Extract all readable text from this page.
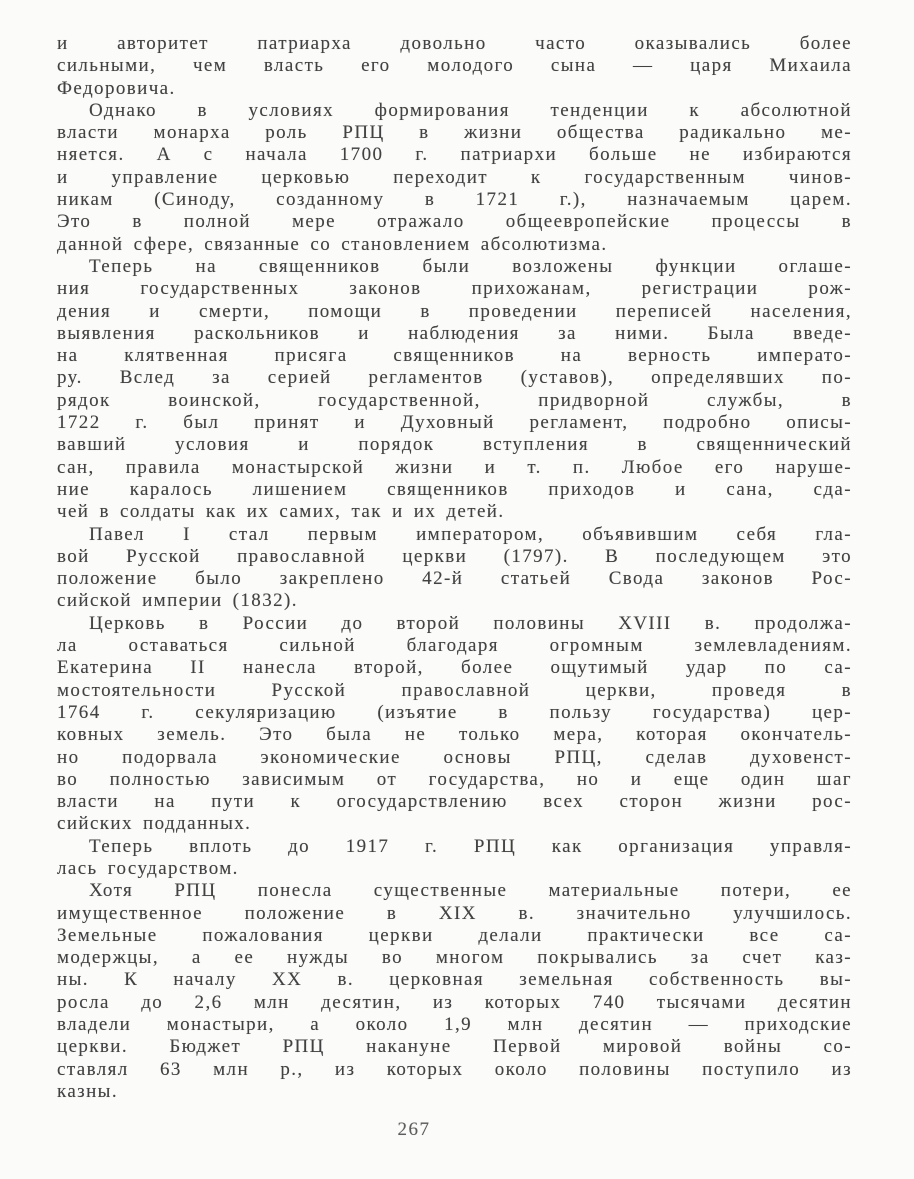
и авторитет патриарха довольно часто оказывались более
сильными, чем власть его молодого сына — царя Михаила
Федоровича.
Однако в условиях формирования тенденции к абсолютной
власти монарха роль РПЦ в жизни общества радикально ме-
няется. А с начала 1700 г. патриархи больше не избираются
и управление церковью переходит к государственным чинов-
никам (Синоду, созданному в 1721 г.), назначаемым царем.
Это в полной мере отражало общеевропейские процессы в
данной сфере, связанные со становлением абсолютизма.
Теперь на священников были возложены функции оглаше-
ния государственных законов прихожанам, регистрации рож-
дения и смерти, помощи в проведении переписей населения,
выявления раскольников и наблюдения за ними. Была введе-
на клятвенная присяга священников на верность императо-
ру. Вслед за серией регламентов (уставов), определявших по-
рядок воинской, государственной, придворной службы, в
1722 г. был принят и Духовный регламент, подробно описы-
вавший условия и порядок вступления в священнический
сан, правила монастырской жизни и т. п. Любое его наруше-
ние каралось лишением священников приходов и сана, сда-
чей в солдаты как их самих, так и их детей.
Павел I стал первым императором, объявившим себя гла-
вой Русской православной церкви (1797). В последующем это
положение было закреплено 42-й статьей Свода законов Рос-
сийской империи (1832).
Церковь в России до второй половины XVIII в. продолжа-
ла оставаться сильной благодаря огромным землевладениям.
Екатерина II нанесла второй, более ощутимый удар по са-
мостоятельности Русской православной церкви, проведя в
1764 г. секуляризацию (изъятие в пользу государства) цер-
ковных земель. Это была не только мера, которая окончатель-
но подорвала экономические основы РПЦ, сделав духовенст-
во полностью зависимым от государства, но и еще один шаг
власти на пути к огосударствлению всех сторон жизни рос-
сийских подданных.
Теперь вплоть до 1917 г. РПЦ как организация управля-
лась государством.
Хотя РПЦ понесла существенные материальные потери, ее
имущественное положение в XIX в. значительно улучшилось.
Земельные пожалования церкви делали практически все са-
модержцы, а ее нужды во многом покрывались за счет каз-
ны. К началу XX в. церковная земельная собственность вы-
росла до 2,6 млн десятин, из которых 740 тысячами десятин
владели монастыри, а около 1,9 млн десятин — приходские
церкви. Бюджет РПЦ накануне Первой мировой войны со-
ставлял 63 млн р., из которых около половины поступило из
казны.
267
